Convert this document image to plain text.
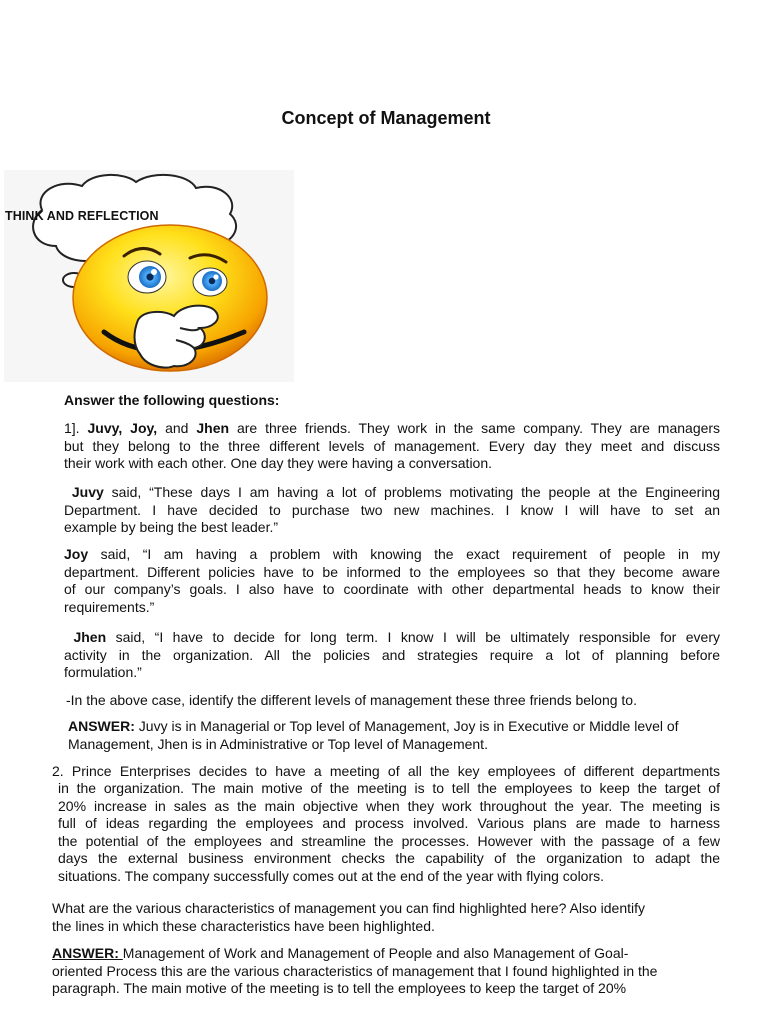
Concept of Management
THINK AND REFLECTION
Answer the following questions:
1]. Juvy, Joy, and Jhen are three friends. They work in the same company. They are managers
but they belong to the three different levels of management. Every day they meet and discuss
their work with each other. One day they were having a conversation.
Juvy said, “These days I am having a lot of problems motivating the people at the Engineering
Department. I have decided to purchase two new machines. I know I will have to set an
example by being the best leader.”
Joy said, “I am having a problem with knowing the exact requirement of people in my
department. Different policies have to be informed to the employees so that they become aware
of our company’s goals. I also have to coordinate with other departmental heads to know their
requirements.”
Jhen said, “I have to decide for long term. I know I will be ultimately responsible for every
activity in the organization. All the policies and strategies require a lot of planning before
formulation.”
-In the above case, identify the different levels of management these three friends belong to.
ANSWER: Juvy is in Managerial or Top level of Management, Joy is in Executive or Middle level of
Management, Jhen is in Administrative or Top level of Management.
2. Prince Enterprises decides to have a meeting of all the key employees of different departments
in the organization. The main motive of the meeting is to tell the employees to keep the target of
20% increase in sales as the main objective when they work throughout the year. The meeting is
full of ideas regarding the employees and process involved. Various plans are made to harness
the potential of the employees and streamline the processes. However with the passage of a few
days the external business environment checks the capability of the organization to adapt the
situations. The company successfully comes out at the end of the year with flying colors.
What are the various characteristics of management you can find highlighted here? Also identify
the lines in which these characteristics have been highlighted.
ANSWER: Management of Work and Management of People and also Management of Goal-
oriented Process this are the various characteristics of management that I found highlighted in the
paragraph. The main motive of the meeting is to tell the employees to keep the target of 20%
